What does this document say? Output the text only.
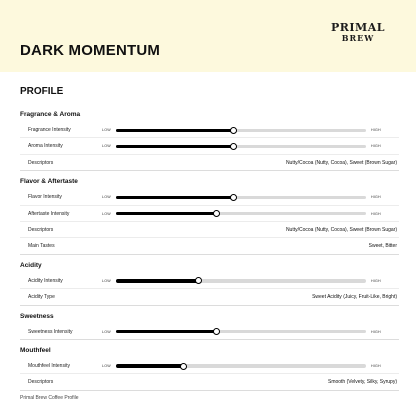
PRIMAL
BREW
DARK MOMENTUM
PROFILE
Fragrance & Aroma
Fragrance Intensity	LOW	HIGH
Aroma Intensity	LOW	HIGH
Descriptors	Nutty/Cocoa (Nutty, Cocoa), Sweet (Brown Sugar)
Flavor & Aftertaste
Flavor Intensity	LOW	HIGH
Aftertaste Intensity	LOW	HIGH
Descriptors	Nutty/Cocoa (Nutty, Cocoa), Sweet (Brown Sugar)
Main Tastes	Sweet, Bitter
Acidity
Acidity Intensity	LOW	HIGH
Acidity Type	Sweet Acidity (Juicy, Fruit-Like, Bright)
Sweetness
Sweetness Intensity	LOW	HIGH
Mouthfeel
Mouthfeel Intensity	LOW	HIGH
Descriptors	Smooth (Velvety, Silky, Syrupy)
Primal Brew Coffee Profile
